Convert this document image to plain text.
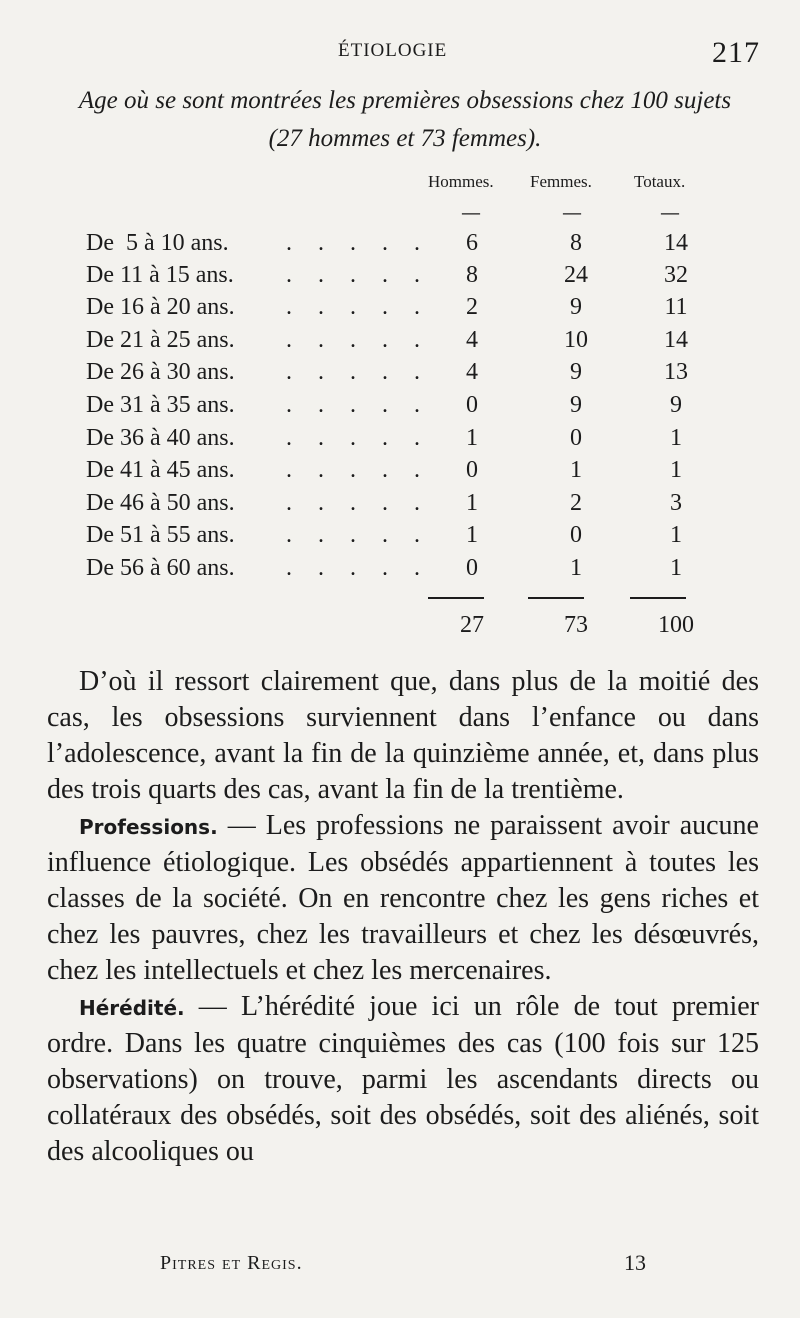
ÉTIOLOGIE	217
Age où se sont montrées les premières obsessions chez 100 sujets (27 hommes et 73 femmes).
Hommes. Femmes. Totaux.
—	—	—
De  5 à 10 ans. . . . . .	6	8	14
De 11 à 15 ans. . . . . .	8	24	32
De 16 à 20 ans. . . . . .	2	9	11
De 21 à 25 ans. . . . . .	4	10	14
De 26 à 30 ans. . . . . .	4	9	13
De 31 à 35 ans. . . . . .	0	9	9
De 36 à 40 ans. . . . . .	1	0	1
De 41 à 45 ans. . . . . .	0	1	1
De 46 à 50 ans. . . . . .	1	2	3
De 51 à 55 ans. . . . . .	1	0	1
De 56 à 60 ans. . . . . .	0	1	1
27	73	100

D’où il ressort clairement que, dans plus de la moitié des cas, les obsessions surviennent dans l’enfance ou dans l’adolescence, avant la fin de la quinzième année, et, dans plus des trois quarts des cas, avant la fin de la trentième.

Professions. — Les professions ne paraissent avoir aucune influence étiologique. Les obsédés appartiennent à toutes les classes de la société. On en rencontre chez les gens riches et chez les pauvres, chez les travailleurs et chez les désœuvrés, chez les intellectuels et chez les mercenaires.

Hérédité. — L’hérédité joue ici un rôle de tout premier ordre. Dans les quatre cinquièmes des cas (100 fois sur 125 observations) on trouve, parmi les ascendants directs ou collatéraux des obsédés, soit des obsédés, soit des aliénés, soit des alcooliques ou

Pitres et Regis.	13
